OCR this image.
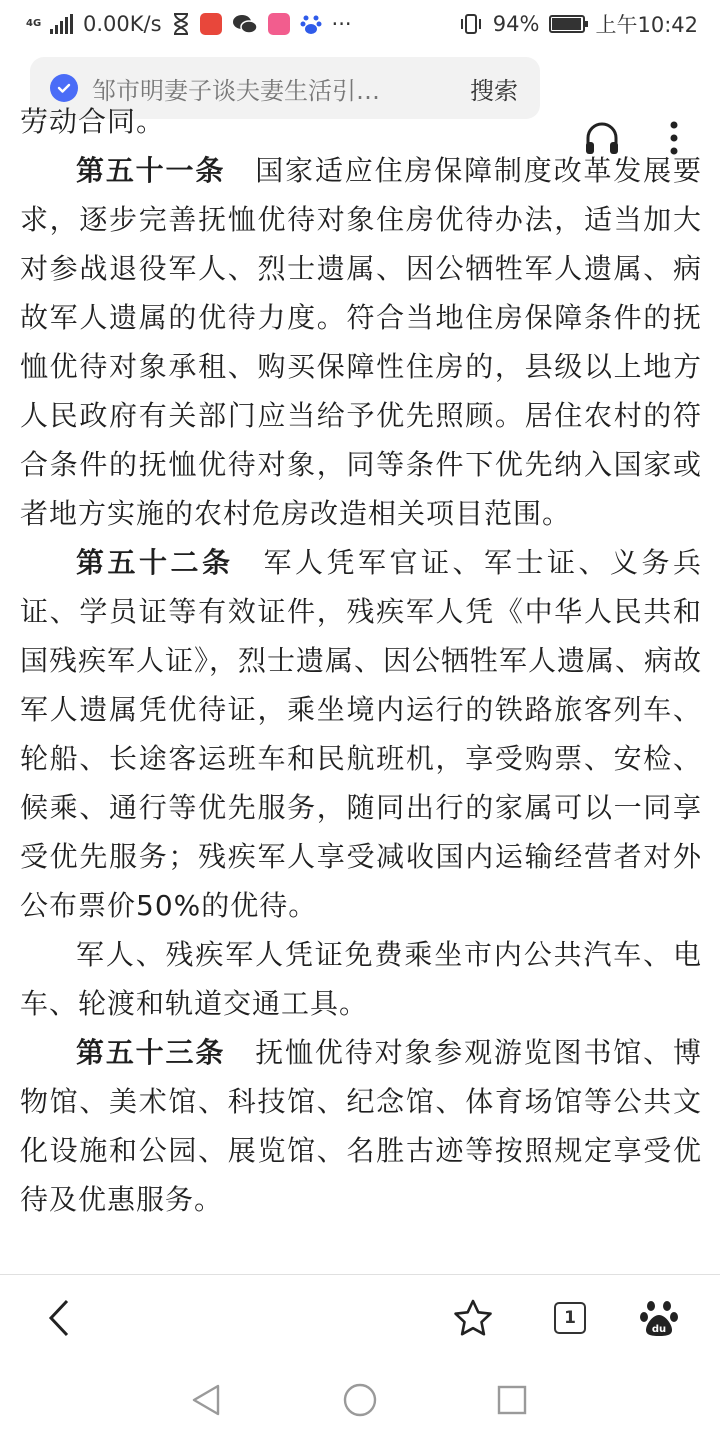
4G 0.00K/s	···	94%	上午10:42
邹市明妻子谈夫妻生活引…	搜索
劳动合同。

第五十一条 国家适应住房保障制度改革发展要求，逐步完善抚恤优待对象住房优待办法，适当加大对参战退役军人、烈士遗属、因公牺牲军人遗属、病故军人遗属的优待力度。符合当地住房保障条件的抚恤优待对象承租、购买保障性住房的，县级以上地方人民政府有关部门应当给予优先照顾。居住农村的符合条件的抚恤优待对象，同等条件下优先纳入国家或者地方实施的农村危房改造相关项目范围。

第五十二条 军人凭军官证、军士证、义务兵证、学员证等有效证件，残疾军人凭《中华人民共和国残疾军人证》，烈士遗属、因公牺牲军人遗属、病故军人遗属凭优待证，乘坐境内运行的铁路旅客列车、轮船、长途客运班车和民航班机，享受购票、安检、候乘、通行等优先服务，随同出行的家属可以一同享受优先服务；残疾军人享受减收国内运输经营者对外公布票价50%的优待。

军人、残疾军人凭证免费乘坐市内公共汽车、电车、轮渡和轨道交通工具。

第五十三条 抚恤优待对象参观游览图书馆、博物馆、美术馆、科技馆、纪念馆、体育场馆等公共文化设施和公园、展览馆、名胜古迹等按照规定享受优待及优惠服务。

1
du
